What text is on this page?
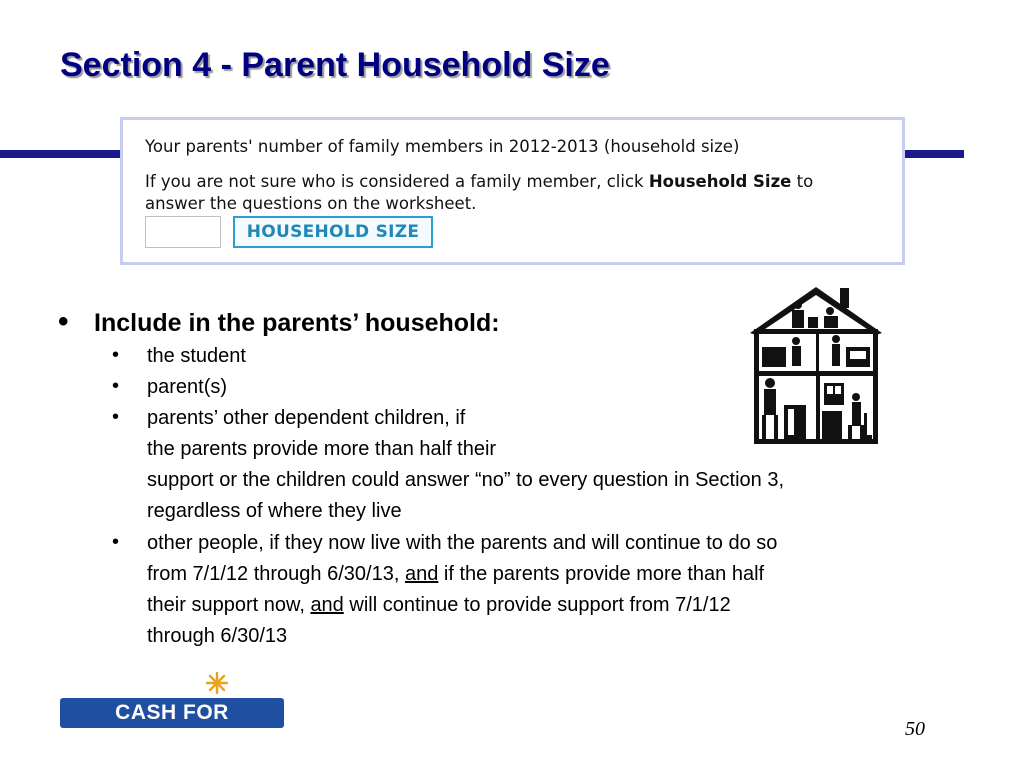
Section 4 - Parent Household Size

Your parents' number of family members in 2012-2013 (household size)

If you are not sure who is considered a family member, click Household Size to

answer the questions on the worksheet.

HOUSEHOLD SIZE
• Include in the parents’ household:

• the student
• parent(s)
• parents’ other dependent children, if
the parents provide more than half their
support or the children could answer “no” to every question in Section 3,
regardless of where they live
• other people, if they now live with the parents and will continue to do so
from 7/1/12 through 6/30/13, and if the parents provide more than half
their support now, and will continue to provide support from 7/1/12
through 6/30/13
CASH FOR C❍LLEGE
50
